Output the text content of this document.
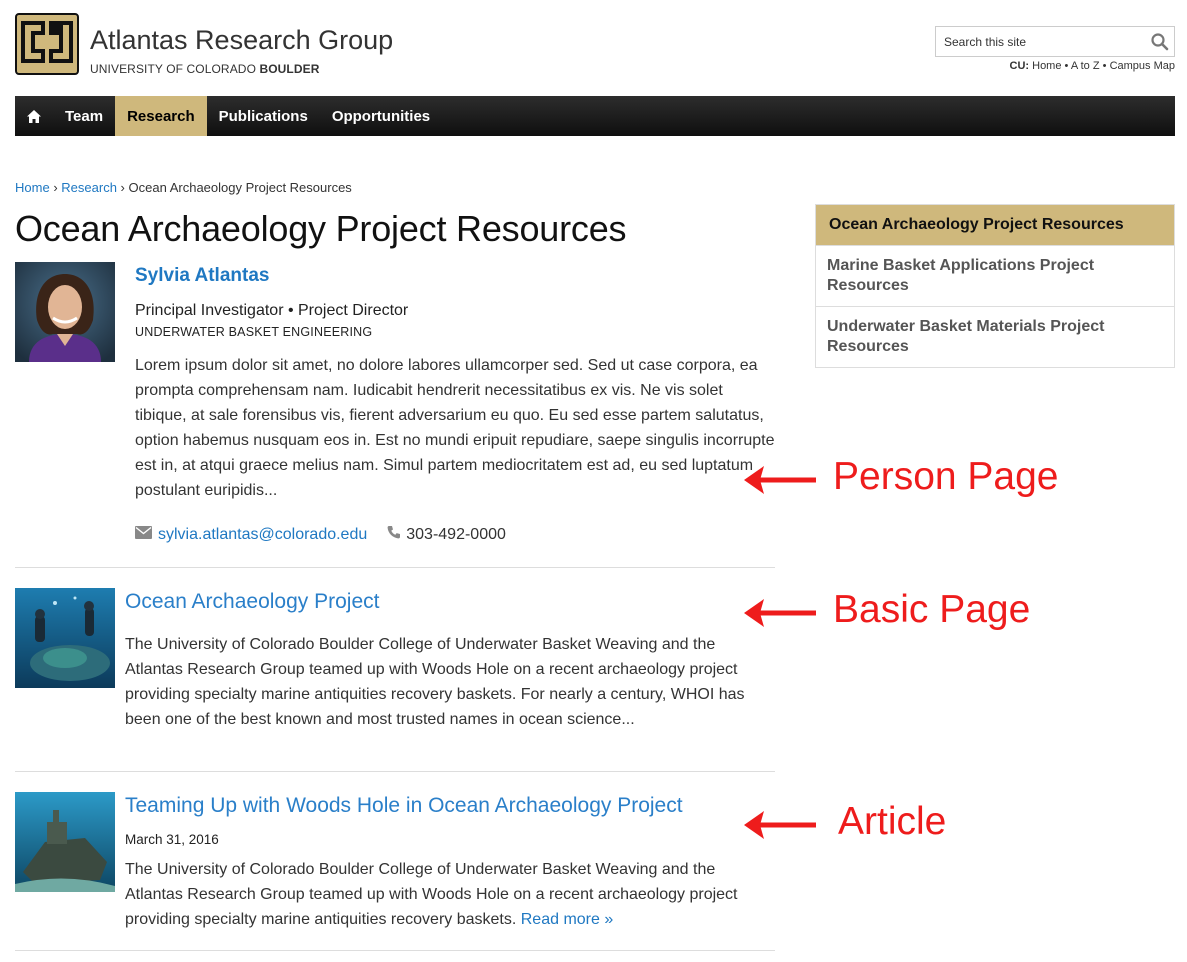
Atlantas Research Group
UNIVERSITY OF COLORADO BOULDER
Search this site	CU: Home • A to Z • Campus Map
Team	Research	Publications	Opportunities
Home › Research › Ocean Archaeology Project Resources
Ocean Archaeology Project Resources	Ocean Archaeology Project Resources
Marine Basket Applications Project Resources
Underwater Basket Materials Project Resources
Sylvia Atlantas
Principal Investigator • Project Director
UNDERWATER BASKET ENGINEERING
Lorem ipsum dolor sit amet, no dolore labores ullamcorper sed. Sed ut case corpora, ea prompta comprehensam nam. Iudicabit hendrerit necessitatibus ex vis. Ne vis solet tibique, at sale forensibus vis, fierent adversarium eu quo. Eu sed esse partem salutatus, option habemus nusquam eos in. Est no mundi eripuit repudiare, saepe singulis incorrupte est in, at atqui graece melius nam. Simul partem mediocritatem est ad, eu sed luptatum postulant euripidis...
sylvia.atlantas@colorado.edu 303-492-0000
Ocean Archaeology Project
The University of Colorado Boulder College of Underwater Basket Weaving and the Atlantas Research Group teamed up with Woods Hole on a recent archaeology project providing specialty marine antiquities recovery baskets. For nearly a century, WHOI has been one of the best known and most trusted names in ocean science...
Teaming Up with Woods Hole in Ocean Archaeology Project
March 31, 2016
The University of Colorado Boulder College of Underwater Basket Weaving and the Atlantas Research Group teamed up with Woods Hole on a recent archaeology project providing specialty marine antiquities recovery baskets. Read more »
Person Page
Basic Page
Article
